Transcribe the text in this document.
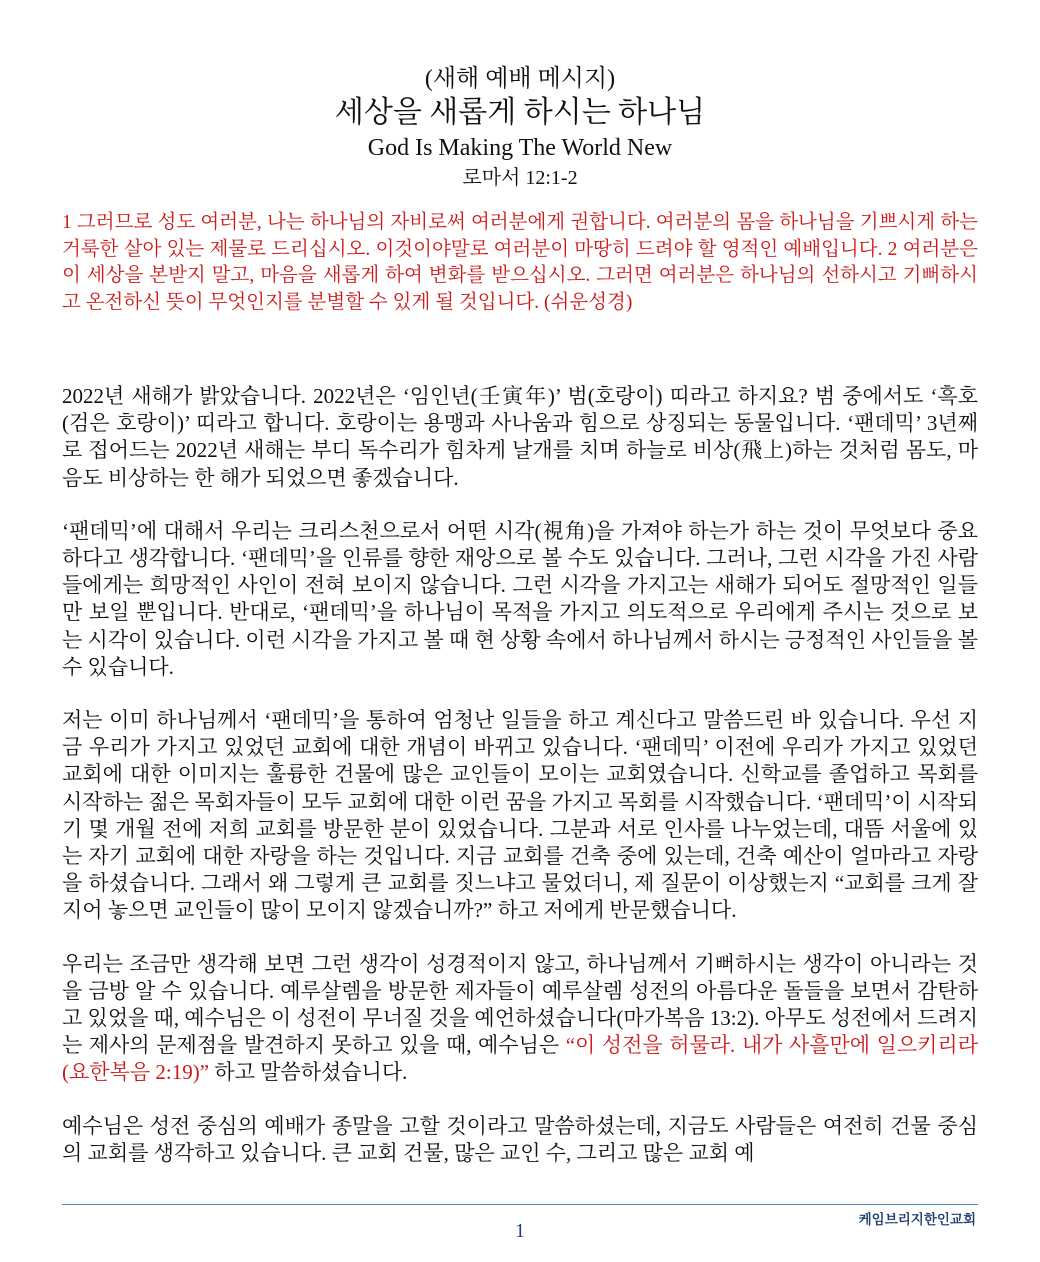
(새해 예배 메시지)
세상을 새롭게 하시는 하나님
God Is Making The World New
로마서 12:1-2
1 그러므로 성도 여러분, 나는 하나님의 자비로써 여러분에게 권합니다. 여러분의 몸을 하나님을 기쁘시게 하는 거룩한 살아 있는 제물로 드리십시오. 이것이야말로 여러분이 마땅히 드려야 할 영적인 예배입니다. 2 여러분은 이 세상을 본받지 말고, 마음을 새롭게 하여 변화를 받으십시오. 그러면 여러분은 하나님의 선하시고 기뻐하시고 온전하신 뜻이 무엇인지를 분별할 수 있게 될 것입니다. (쉬운성경)

2022년 새해가 밝았습니다. 2022년은 ‘임인년(壬寅年)’ 범(호랑이) 띠라고 하지요? 범 중에서도 ‘흑호(검은 호랑이)’ 띠라고 합니다. 호랑이는 용맹과 사나움과 힘으로 상징되는 동물입니다. ‘팬데믹’ 3년째로 접어드는 2022년 새해는 부디 독수리가 힘차게 날개를 치며 하늘로 비상(飛上)하는 것처럼 몸도, 마음도 비상하는 한 해가 되었으면 좋겠습니다.

‘팬데믹’에 대해서 우리는 크리스천으로서 어떤 시각(視角)을 가져야 하는가 하는 것이 무엇보다 중요하다고 생각합니다. ‘팬데믹’을 인류를 향한 재앙으로 볼 수도 있습니다. 그러나, 그런 시각을 가진 사람들에게는 희망적인 사인이 전혀 보이지 않습니다. 그런 시각을 가지고는 새해가 되어도 절망적인 일들만 보일 뿐입니다. 반대로, ‘팬데믹’을 하나님이 목적을 가지고 의도적으로 우리에게 주시는 것으로 보는 시각이 있습니다. 이런 시각을 가지고 볼 때 현 상황 속에서 하나님께서 하시는 긍정적인 사인들을 볼 수 있습니다.

저는 이미 하나님께서 ‘팬데믹’을 통하여 엄청난 일들을 하고 계신다고 말씀드린 바 있습니다. 우선 지금 우리가 가지고 있었던 교회에 대한 개념이 바뀌고 있습니다. ‘팬데믹’ 이전에 우리가 가지고 있었던 교회에 대한 이미지는 훌륭한 건물에 많은 교인들이 모이는 교회였습니다. 신학교를 졸업하고 목회를 시작하는 젊은 목회자들이 모두 교회에 대한 이런 꿈을 가지고 목회를 시작했습니다. ‘팬데믹’이 시작되기 몇 개월 전에 저희 교회를 방문한 분이 있었습니다. 그분과 서로 인사를 나누었는데, 대뜸 서울에 있는 자기 교회에 대한 자랑을 하는 것입니다. 지금 교회를 건축 중에 있는데, 건축 예산이 얼마라고 자랑을 하셨습니다. 그래서 왜 그렇게 큰 교회를 짓느냐고 물었더니, 제 질문이 이상했는지 “교회를 크게 잘 지어 놓으면 교인들이 많이 모이지 않겠습니까?” 하고 저에게 반문했습니다.

우리는 조금만 생각해 보면 그런 생각이 성경적이지 않고, 하나님께서 기뻐하시는 생각이 아니라는 것을 금방 알 수 있습니다. 예루살렘을 방문한 제자들이 예루살렘 성전의 아름다운 돌들을 보면서 감탄하고 있었을 때, 예수님은 이 성전이 무너질 것을 예언하셨습니다(마가복음 13:2). 아무도 성전에서 드려지는 제사의 문제점을 발견하지 못하고 있을 때, 예수님은 “이 성전을 허물라. 내가 사흘만에 일으키리라(요한복음 2:19)” 하고 말씀하셨습니다.

예수님은 성전 중심의 예배가 종말을 고할 것이라고 말씀하셨는데, 지금도 사람들은 여전히 건물 중심의 교회를 생각하고 있습니다. 큰 교회 건물, 많은 교인 수, 그리고 많은 교회 예

케임브리지한인교회
1
